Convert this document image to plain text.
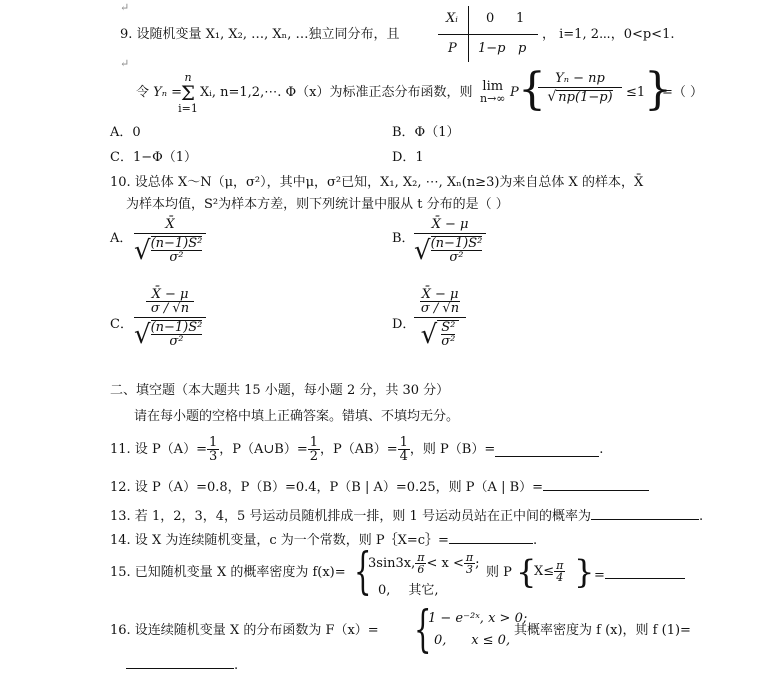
↵
9. 设随机变量 X₁, X₂, …, Xₙ, …独立同分布，且
Xᵢ 0 1
P 1−p p
， i=1, 2⋯，0<p<1.
↵
令 Yₙ =
n
Σ
i=1
Xᵢ, n=1,2,⋯. Φ（x）为标准正态分布函数，则 lim
n→∞ P { Yₙ − np
√ np(1−p)	≤1
}
=（ ）
A．0	B．Φ（1）
C．1−Φ（1）	D．1
10. 设总体 X～N（μ，σ²），其中μ，σ²已知，X₁, X₂, ⋯, Xₙ(n≥3)为来自总体 X 的样本，X̄
为样本均值，S²为样本方差，则下列统计量中服从 t 分布的是（ ）
A．
X̄
√ $\frac{\text{(n−1)S²}}{\text{σ²}}$	B．
X̄ − μ
√ $\frac{\text{(n−1)S²}}{\text{σ²}}$
C．
X̄ − μ
σ / √n
√ $\frac{\text{(n−1)S²}}{\text{σ²}}$	D．
X̄ − μ
σ / √n
√ $\frac{\text{S²}}{\text{σ²}}$
二、填空题（本大题共 15 小题，每小题 2 分，共 30 分）
请在每小题的空格中填上正确答案。错填、不填均无分。
11. 设 $P(A)= \frac{1}{3}$ ，P（A∪B）= $\frac{1}{2}$ ，$P(AB)= \frac{1}{4}$ ，则 P（B）=	.
12. 设 P（A）=0.8，P（B）=0.4，P（B | A）=0.25，则 P（A | B）=
13. 若 1，2，3，4，5 号运动员随机排成一排，则 1 号运动员站在正中间的概率为	.
14. 设 X 为连续随机变量，c 为一个常数，则 P｛X=c｝=	.
15. 已知随机变量 X 的概率密度为 f(x)= {
3sin3x, $\frac{\pi}{6} < x < \frac{\pi}{3}$ ;
0, 其它,
则 P {
$X\le \frac{\pi}{4}$ } =
16. 设连续随机变量 X 的分布函数为 F（x）= {
1 − e⁻²ˣ, x > 0;
0,      x ≤ 0,
其概率密度为 f (x)，则 f (1)=
.
